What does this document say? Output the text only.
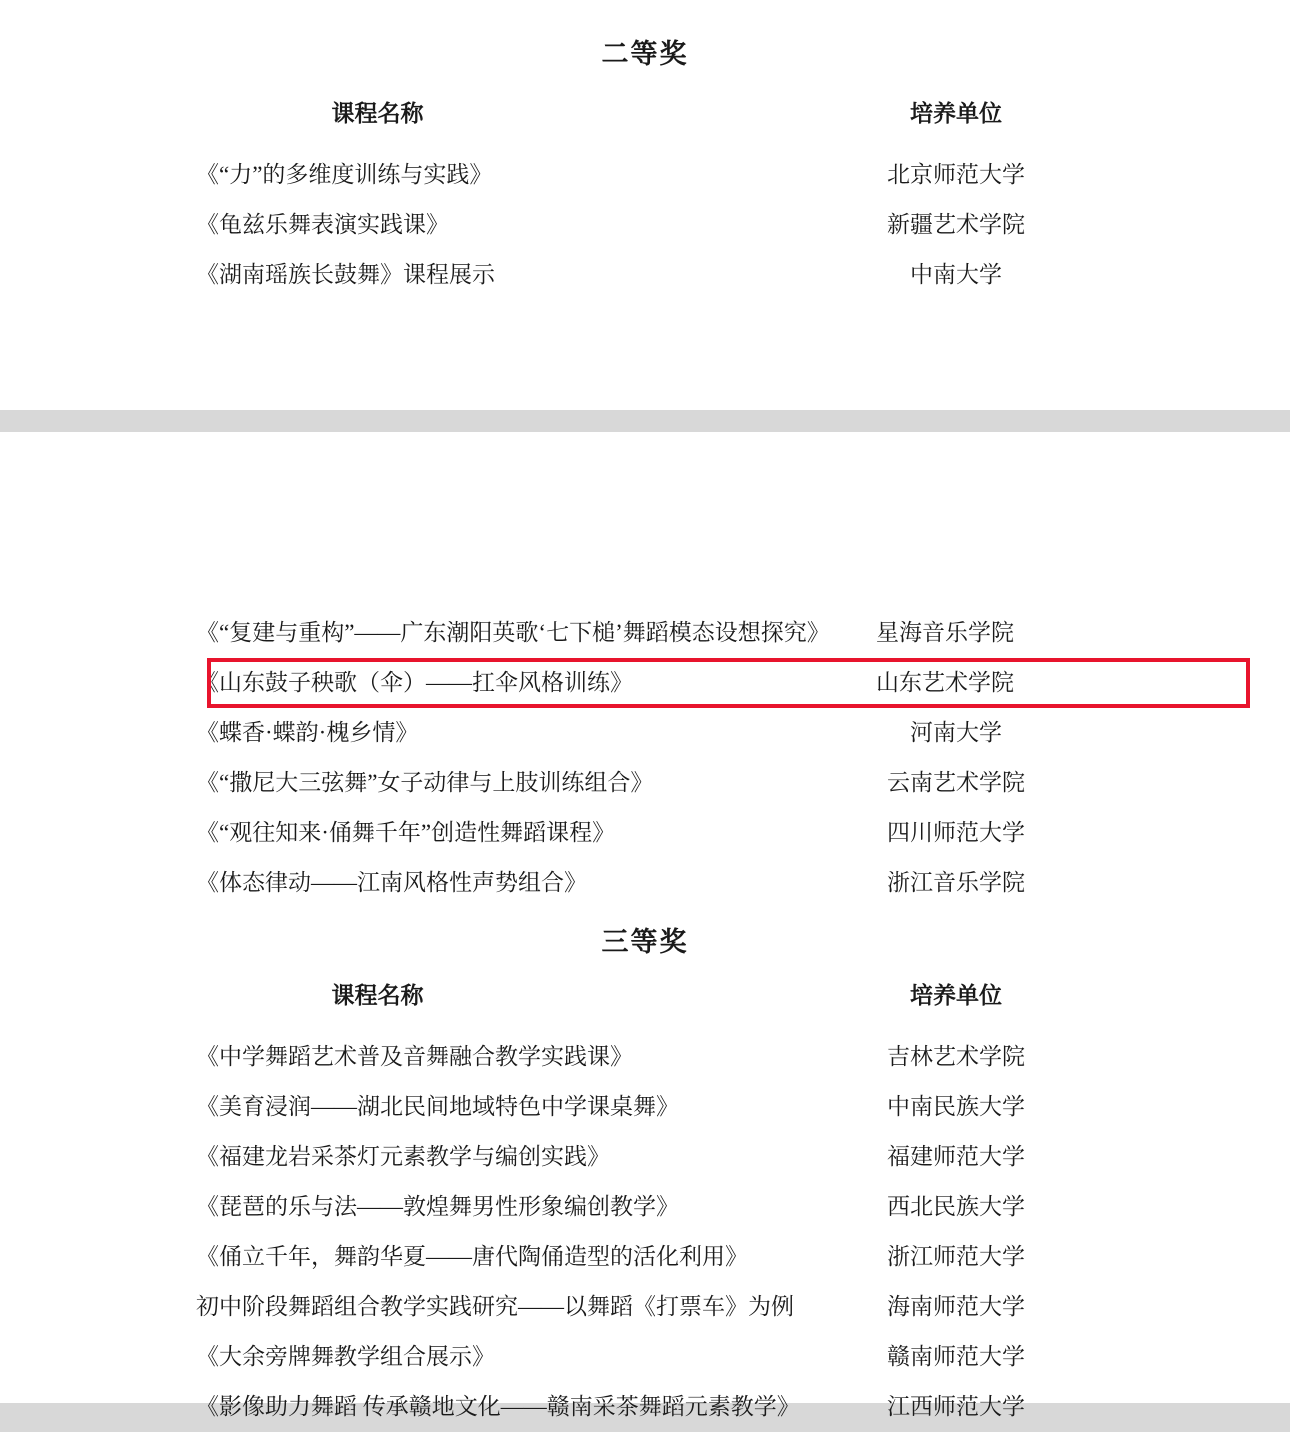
二等奖
课程名称	培养单位
《“力”的多维度训练与实践》	北京师范大学
《龟兹乐舞表演实践课》	新疆艺术学院
《湖南瑶族长鼓舞》课程展示	中南大学
《“复建与重构”——广东潮阳英歌‘七下槌’舞蹈模态设想探究》	星海音乐学院
《山东鼓子秧歌（伞）——扛伞风格训练》	山东艺术学院
《蝶香·蝶韵·槐乡情》	河南大学
《“撒尼大三弦舞”女子动律与上肢训练组合》	云南艺术学院
《“观往知来·俑舞千年”创造性舞蹈课程》	四川师范大学
《体态律动——江南风格性声势组合》	浙江音乐学院
三等奖
课程名称	培养单位
《中学舞蹈艺术普及音舞融合教学实践课》	吉林艺术学院
《美育浸润——湖北民间地域特色中学课桌舞》	中南民族大学
《福建龙岩采茶灯元素教学与编创实践》	福建师范大学
《琵琶的乐与法——敦煌舞男性形象编创教学》	西北民族大学
《俑立千年，舞韵华夏——唐代陶俑造型的活化利用》	浙江师范大学
初中阶段舞蹈组合教学实践研究——以舞蹈《打票车》为例	海南师范大学
《大余旁牌舞教学组合展示》	赣南师范大学
《影像助力舞蹈 传承赣地文化——赣南采茶舞蹈元素教学》	江西师范大学
